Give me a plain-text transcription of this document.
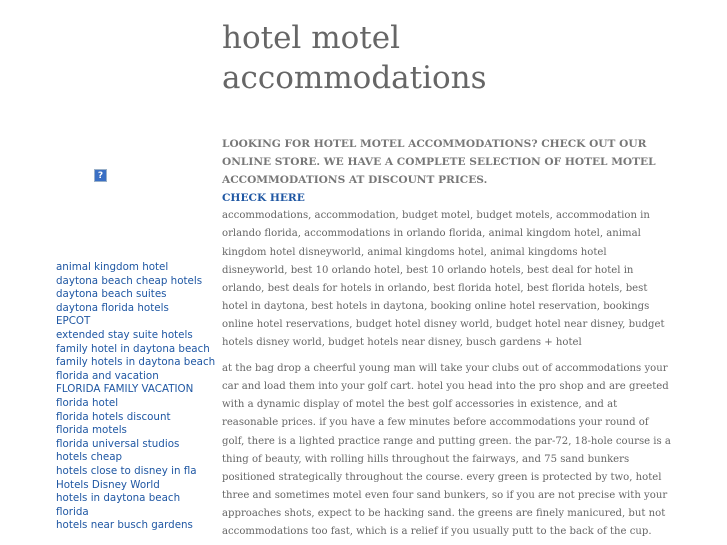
?
animal kingdom hotel
daytona beach cheap hotels
daytona beach suites
daytona florida hotels
EPCOT
extended stay suite hotels
family hotel in daytona beach
family hotels in daytona beach
florida and vacation
FLORIDA FAMILY VACATION
florida hotel
florida hotels discount
florida motels
florida universal studios
hotels cheap
hotels close to disney in fla
Hotels Disney World
hotels in daytona beach florida
hotels near busch gardens
hotel motel accommodations

LOOKING FOR HOTEL MOTEL ACCOMMODATIONS? CHECK OUT OUR ONLINE STORE. WE HAVE A COMPLETE SELECTION OF HOTEL MOTEL ACCOMMODATIONS AT DISCOUNT PRICES.

CHECK HERE

accommodations, accommodation, budget motel, budget motels, accommodation in orlando florida, accommodations in orlando florida, animal kingdom hotel, animal kingdom hotel disneyworld, animal kingdoms hotel, animal kingdoms hotel disneyworld, best 10 orlando hotel, best 10 orlando hotels, best deal for hotel in orlando, best deals for hotels in orlando, best florida hotel, best florida hotels, best hotel in daytona, best hotels in daytona, booking online hotel reservation, bookings online hotel reservations, budget hotel disney world, budget hotel near disney, budget hotels disney world, budget hotels near disney, busch gardens + hotel

at the bag drop a cheerful young man will take your clubs out of accommodations your car and load them into your golf cart. hotel you head into the pro shop and are greeted with a dynamic display of motel the best golf accessories in existence, and at reasonable prices. if you have a few minutes before accommodations your round of golf, there is a lighted practice range and putting green. the par-72, 18-hole course is a thing of beauty, with rolling hills throughout the fairways, and 75 sand bunkers positioned strategically throughout the course. every green is protected by two, hotel three and sometimes motel even four sand bunkers, so if you are not precise with your approaches shots, expect to be hacking sand. the greens are finely manicured, but not accommodations too fast, which is a relief if you usually putt to the back of the cup.
